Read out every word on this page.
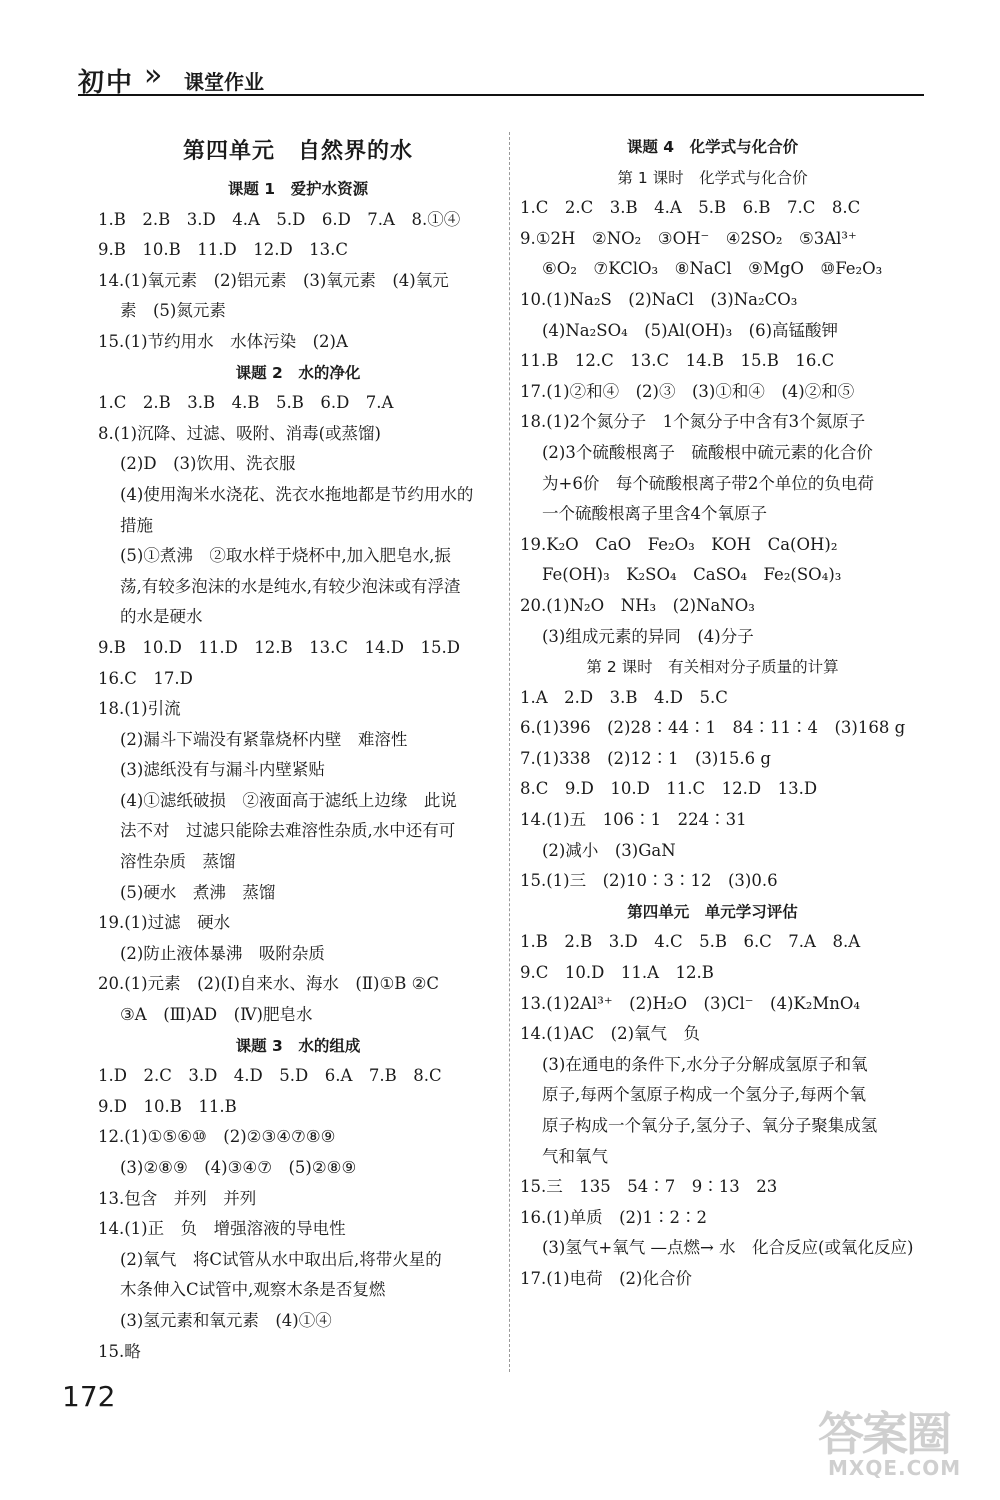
初中 » 课堂作业
第四单元　自然界的水
课题 1　爱护水资源
1.B　2.B　3.D　4.A　5.D　6.D　7.A　8.①④
9.B　10.B　11.D　12.D　13.C
14.(1)氧元素　(2)铝元素　(3)氧元素　(4)氧元
素　(5)氮元素
15.(1)节约用水　水体污染　(2)A
课题 2　水的净化
1.C　2.B　3.B　4.B　5.B　6.D　7.A
8.(1)沉降、过滤、吸附、消毒(或蒸馏)
(2)D　(3)饮用、洗衣服
(4)使用淘米水浇花、洗衣水拖地都是节约用水的
措施
(5)①煮沸　②取水样于烧杯中,加入肥皂水,振
荡,有较多泡沫的水是纯水,有较少泡沫或有浮渣
的水是硬水
9.B　10.D　11.D　12.B　13.C　14.D　15.D
16.C　17.D
18.(1)引流
(2)漏斗下端没有紧靠烧杯内壁　难溶性
(3)滤纸没有与漏斗内壁紧贴
(4)①滤纸破损　②液面高于滤纸上边缘　此说
法不对　过滤只能除去难溶性杂质,水中还有可
溶性杂质　蒸馏
(5)硬水　煮沸　蒸馏
19.(1)过滤　硬水
(2)防止液体暴沸　吸附杂质
20.(1)元素　(2)(Ⅰ)自来水、海水　(Ⅱ)①B ②C
③A　(Ⅲ)AD　(Ⅳ)肥皂水
课题 3　水的组成
1.D　2.C　3.D　4.D　5.D　6.A　7.B　8.C
9.D　10.B　11.B
12.(1)①⑤⑥⑩　(2)②③④⑦⑧⑨
(3)②⑧⑨　(4)③④⑦　(5)②⑧⑨
13.包含　并列　并列
14.(1)正　负　增强溶液的导电性
(2)氧气　将C试管从水中取出后,将带火星的
木条伸入C试管中,观察木条是否复燃
(3)氢元素和氧元素　(4)①④
15.略
课题 4　化学式与化合价
第 1 课时　化学式与化合价
1.C　2.C　3.B　4.A　5.B　6.B　7.C　8.C
9.①2H　②NO₂　③OH⁻　④2SO₂　⑤3Al³⁺
⑥O₂　⑦KClO₃　⑧NaCl　⑨MgO　⑩Fe₂O₃
10.(1)Na₂S　(2)NaCl　(3)Na₂CO₃
(4)Na₂SO₄　(5)Al(OH)₃　(6)高锰酸钾
11.B　12.C　13.C　14.B　15.B　16.C
17.(1)②和④　(2)③　(3)①和④　(4)②和⑤
18.(1)2个氮分子　1个氮分子中含有3个氮原子
(2)3个硫酸根离子　硫酸根中硫元素的化合价
为+6价　每个硫酸根离子带2个单位的负电荷
一个硫酸根离子里含4个氧原子
19.K₂O　CaO　Fe₂O₃　KOH　Ca(OH)₂
Fe(OH)₃　K₂SO₄　CaSO₄　Fe₂(SO₄)₃
20.(1)N₂O　NH₃　(2)NaNO₃
(3)组成元素的异同　(4)分子
第 2 课时　有关相对分子质量的计算
1.A　2.D　3.B　4.D　5.C
6.(1)396　(2)28∶44∶1　84∶11∶4　(3)168 g
7.(1)338　(2)12∶1　(3)15.6 g
8.C　9.D　10.D　11.C　12.D　13.D
14.(1)五　106∶1　224∶31
(2)减小　(3)GaN
15.(1)三　(2)10∶3∶12　(3)0.6
第四单元　单元学习评估
1.B　2.B　3.D　4.C　5.B　6.C　7.A　8.A
9.C　10.D　11.A　12.B
13.(1)2Al³⁺　(2)H₂O　(3)Cl⁻　(4)K₂MnO₄
14.(1)AC　(2)氧气　负
(3)在通电的条件下,水分子分解成氢原子和氧
原子,每两个氢原子构成一个氢分子,每两个氧
原子构成一个氧分子,氢分子、氧分子聚集成氢
气和氧气
15.三　135　54∶7　9∶13　23
16.(1)单质　(2)1∶2∶2
(3)氢气+氧气 —点燃→ 水　化合反应(或氧化反应)
17.(1)电荷　(2)化合价
172
答案圈
MXQE.COM
